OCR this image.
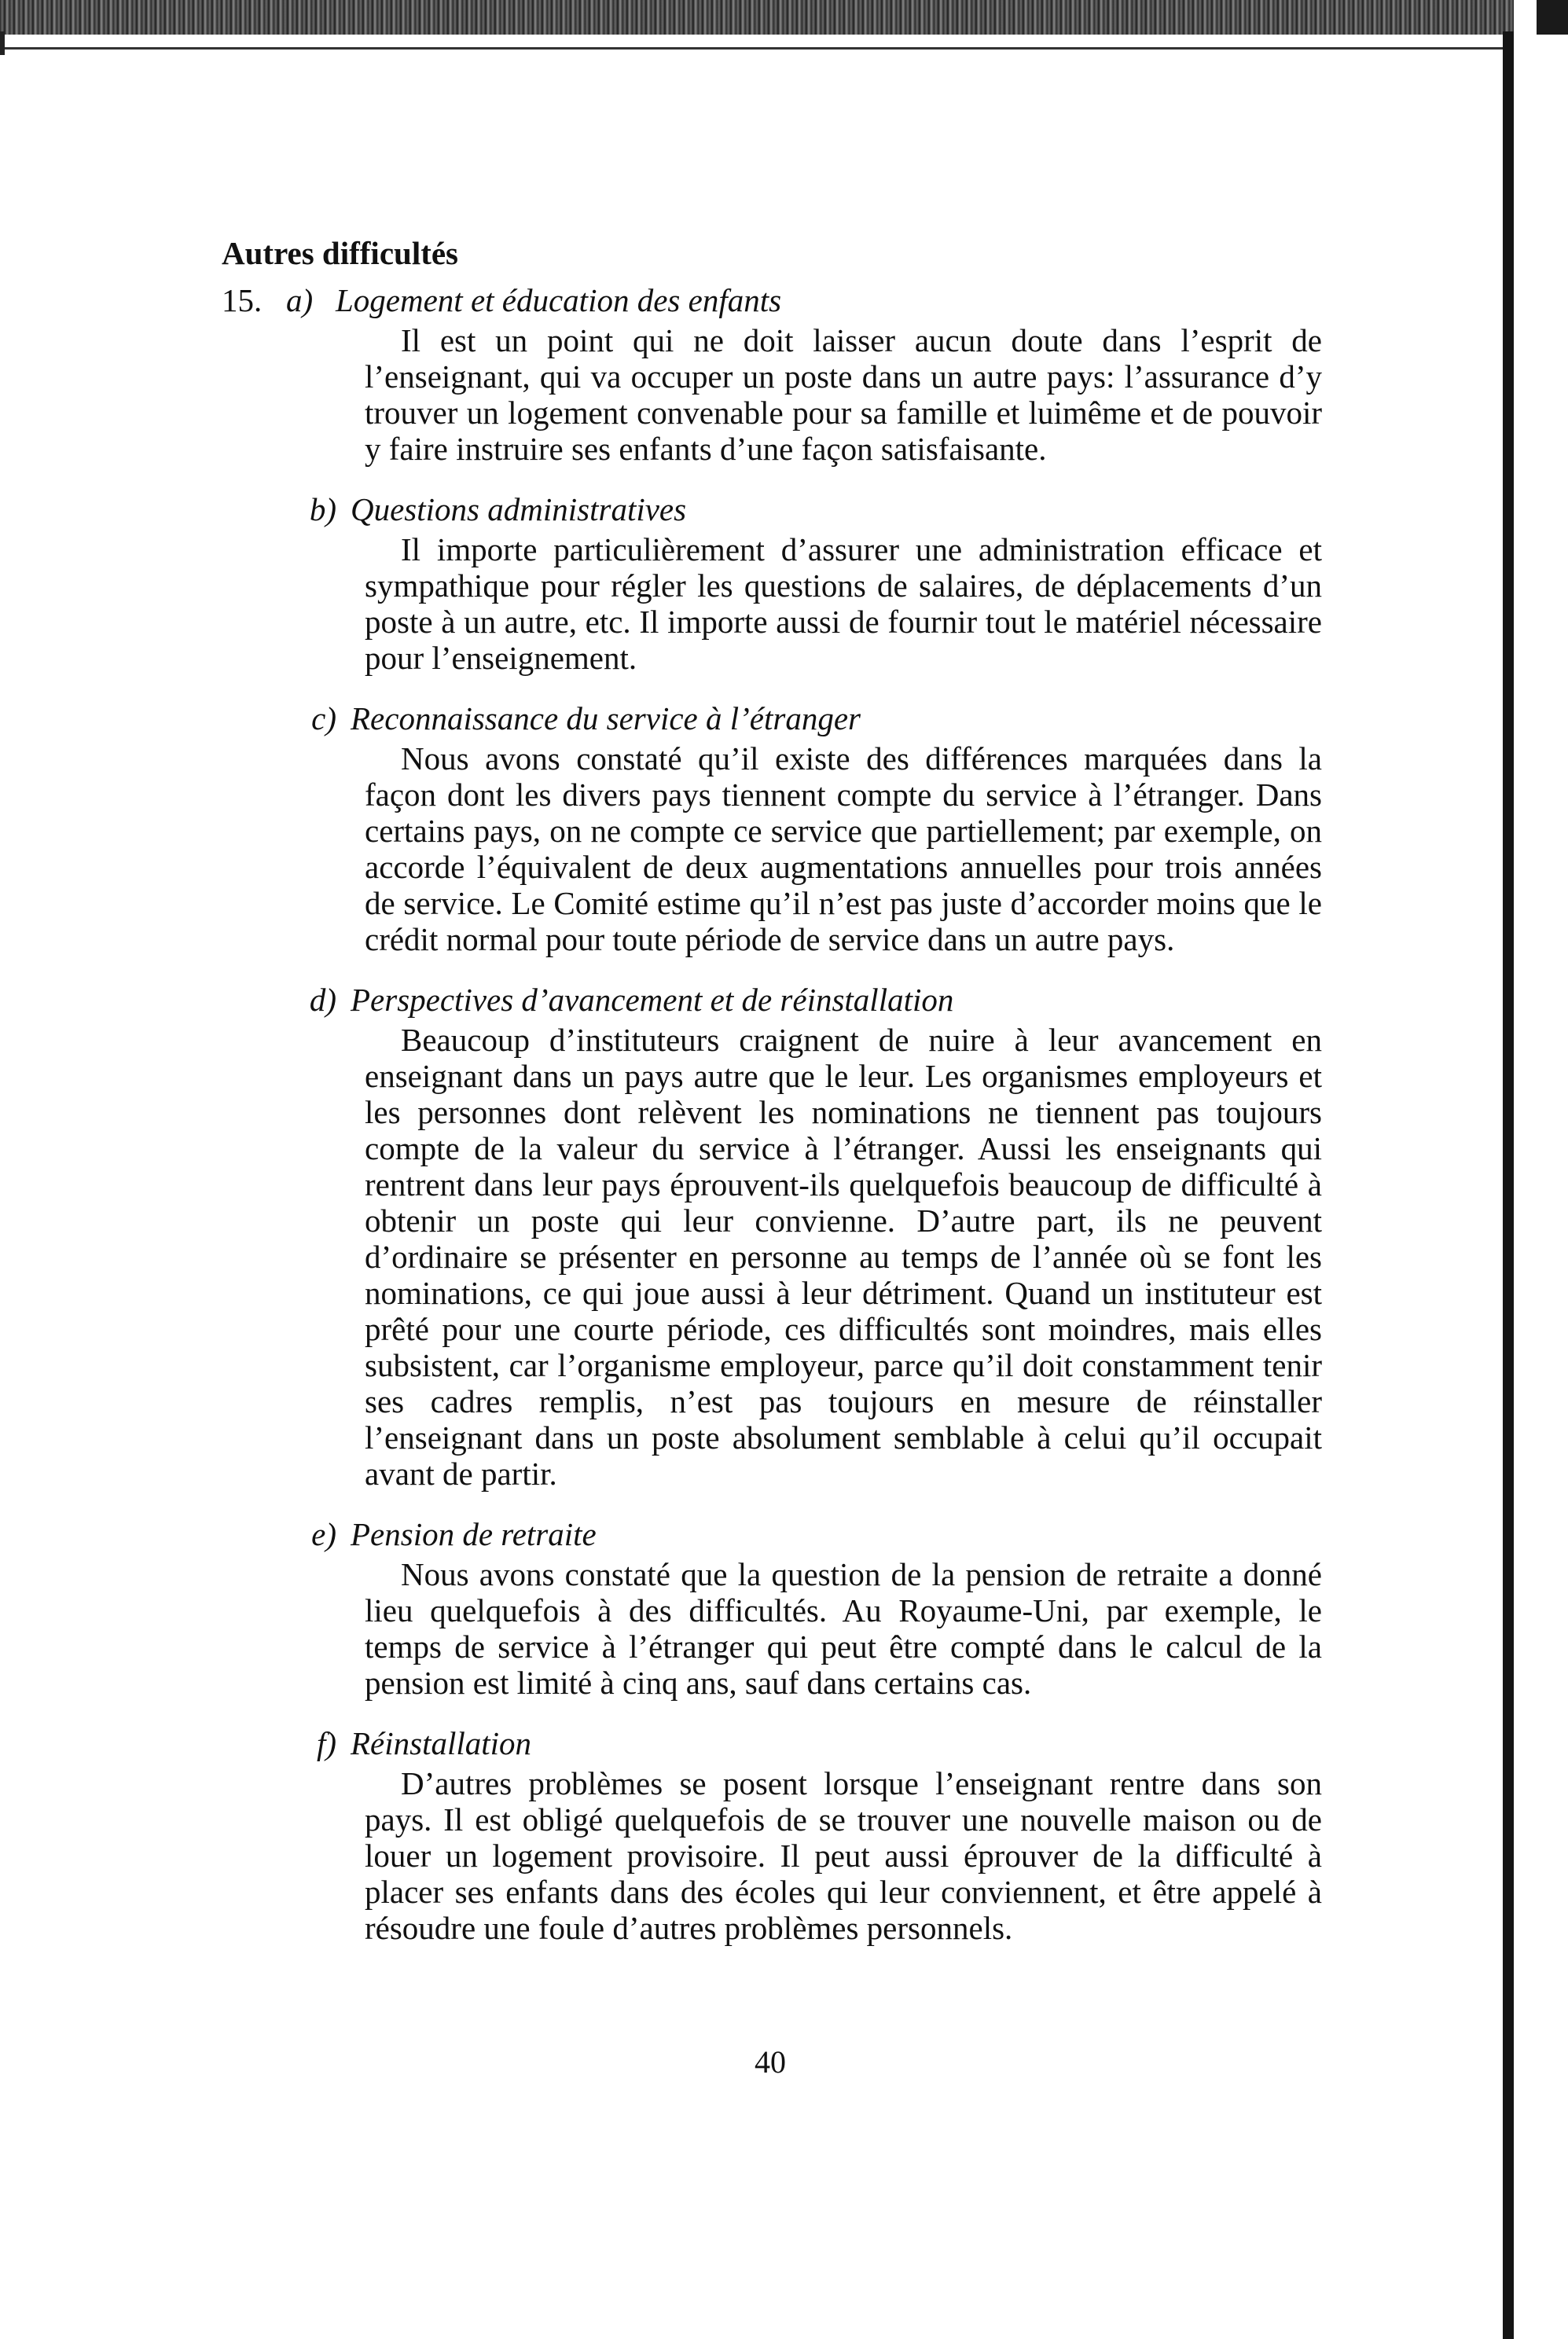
Autres difficultés
15. a) Logement et éducation des enfants

Il est un point qui ne doit laisser aucun doute dans l’esprit de l’enseignant, qui va occuper un poste dans un autre pays: l’assurance d’y trouver un logement convenable pour sa famille et luimême et de pouvoir y faire instruire ses enfants d’une façon satisfaisante.

b) Questions administratives

Il importe particulièrement d’assurer une administration efficace et sympathique pour régler les questions de salaires, de déplacements d’un poste à un autre, etc. Il importe aussi de fournir tout le matériel nécessaire pour l’enseignement.

c) Reconnaissance du service à l’étranger

Nous avons constaté qu’il existe des différences marquées dans la façon dont les divers pays tiennent compte du service à l’étranger. Dans certains pays, on ne compte ce service que partiellement; par exemple, on accorde l’équivalent de deux augmentations annuelles pour trois années de service. Le Comité estime qu’il n’est pas juste d’accorder moins que le crédit normal pour toute période de service dans un autre pays.

d) Perspectives d’avancement et de réinstallation

Beaucoup d’instituteurs craignent de nuire à leur avancement en enseignant dans un pays autre que le leur. Les organismes employeurs et les personnes dont relèvent les nominations ne tiennent pas toujours compte de la valeur du service à l’étranger. Aussi les enseignants qui rentrent dans leur pays éprouvent-ils quelquefois beaucoup de difficulté à obtenir un poste qui leur convienne. D’autre part, ils ne peuvent d’ordinaire se présenter en personne au temps de l’année où se font les nominations, ce qui joue aussi à leur détriment. Quand un instituteur est prêté pour une courte période, ces difficultés sont moindres, mais elles subsistent, car l’organisme employeur, parce qu’il doit constamment tenir ses cadres remplis, n’est pas toujours en mesure de réinstaller l’enseignant dans un poste absolument semblable à celui qu’il occupait avant de partir.

e) Pension de retraite

Nous avons constaté que la question de la pension de retraite a donné lieu quelquefois à des difficultés. Au Royaume-Uni, par exemple, le temps de service à l’étranger qui peut être compté dans le calcul de la pension est limité à cinq ans, sauf dans certains cas.

f) Réinstallation

D’autres problèmes se posent lorsque l’enseignant rentre dans son pays. Il est obligé quelquefois de se trouver une nouvelle maison ou de louer un logement provisoire. Il peut aussi éprouver de la difficulté à placer ses enfants dans des écoles qui leur conviennent, et être appelé à résoudre une foule d’autres problèmes personnels.

40
